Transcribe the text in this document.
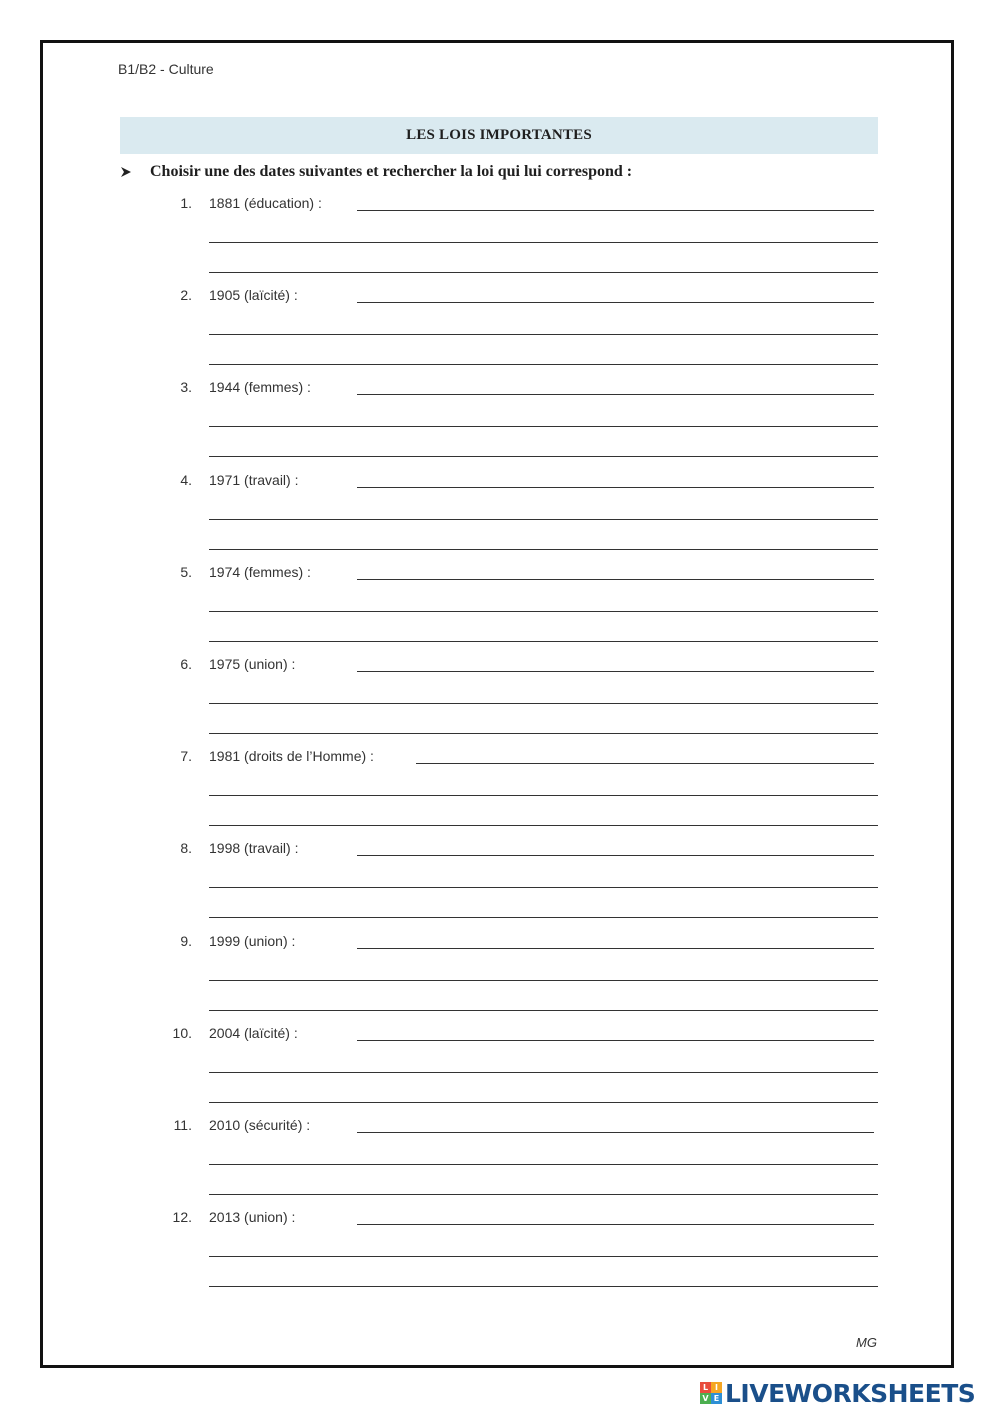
B1/B2 - Culture
LES LOIS IMPORTANTES
Choisir une des dates suivantes et rechercher la loi qui lui correspond :
1. 1881 (éducation) :
2. 1905 (laïcité) :
3. 1944 (femmes) :
4. 1971 (travail) :
5. 1974 (femmes) :
6. 1975 (union) :
7. 1981 (droits de l’Homme) :
8. 1998 (travail) :
9. 1999 (union) :
10. 2004 (laïcité) :
11. 2010 (sécurité) :
12. 2013 (union) :
MG
L I
V E LIVEWORKSHEETS
